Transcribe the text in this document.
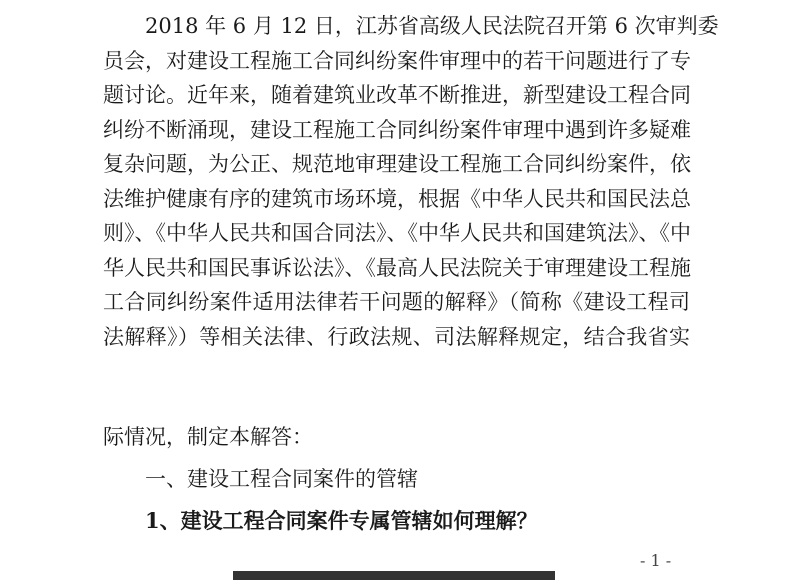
2018 年 6 月 12 日，江苏省高级人民法院召开第 6 次审判委
员会，对建设工程施工合同纠纷案件审理中的若干问题进行了专
题讨论。近年来，随着建筑业改革不断推进，新型建设工程合同
纠纷不断涌现，建设工程施工合同纠纷案件审理中遇到许多疑难
复杂问题，为公正、规范地审理建设工程施工合同纠纷案件，依
法维护健康有序的建筑市场环境，根据《中华人民共和国民法总
则》、《中华人民共和国合同法》、《中华人民共和国建筑法》、《中
华人民共和国民事诉讼法》、《最高人民法院关于审理建设工程施
工合同纠纷案件适用法律若干问题的解释》（简称《建设工程司
法解释》）等相关法律、行政法规、司法解释规定，结合我省实
际情况，制定本解答：
一、建设工程合同案件的管辖
1、建设工程合同案件专属管辖如何理解？
- 1 -
